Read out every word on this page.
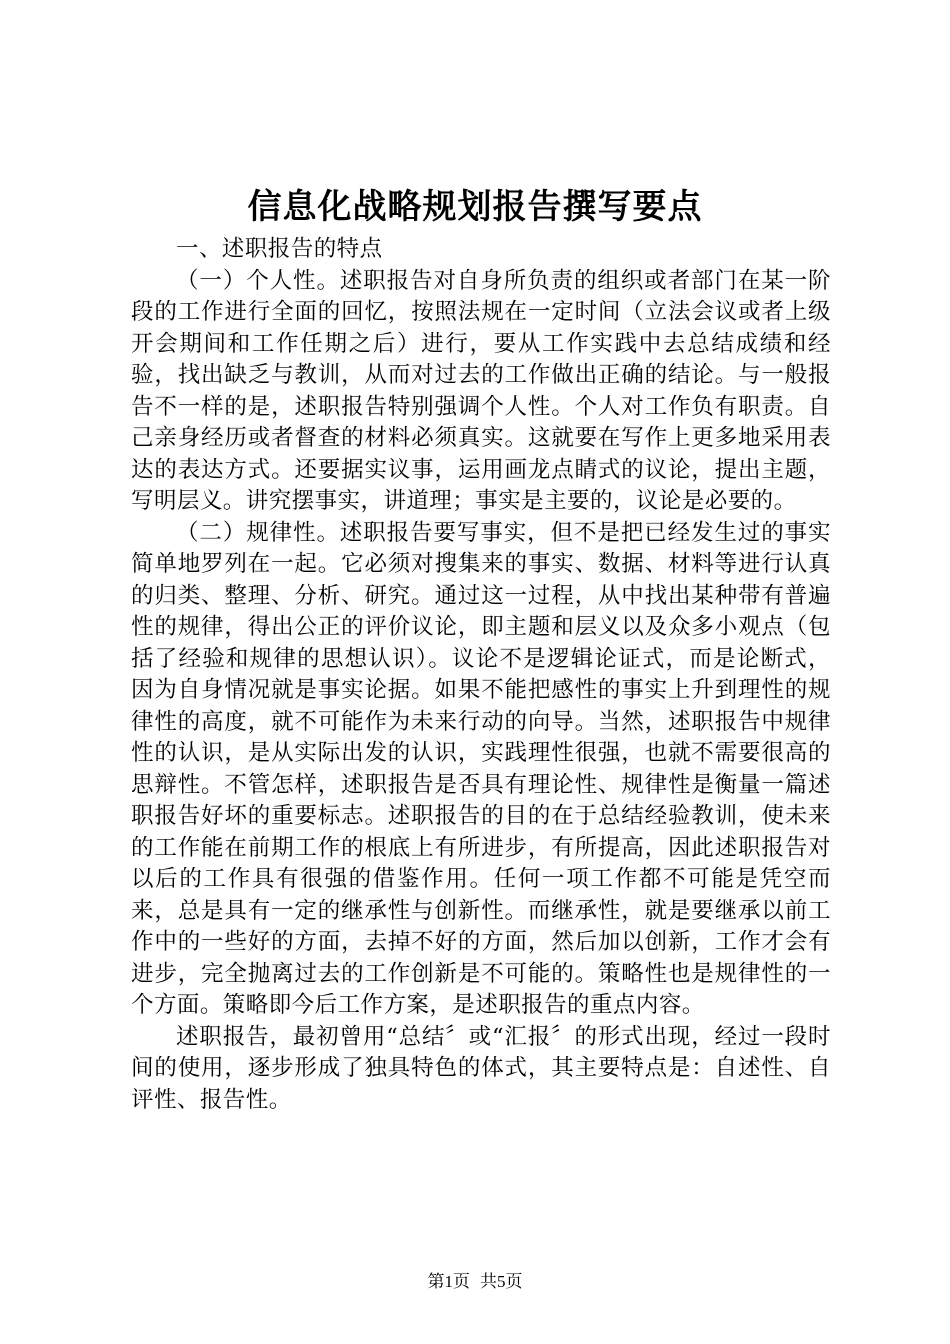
信息化战略规划报告撰写要点

一、述职报告的特点

（一）个人性。述职报告对自身所负责的组织或者部门在某一阶段的工作进行全面的回忆，按照法规在一定时间（立法会议或者上级开会期间和工作任期之后）进行，要从工作实践中去总结成绩和经验，找出缺乏与教训，从而对过去的工作做出正确的结论。与一般报告不一样的是，述职报告特别强调个人性。个人对工作负有职责。自己亲身经历或者督查的材料必须真实。这就要在写作上更多地采用表达的表达方式。还要据实议事，运用画龙点睛式的议论，提出主题，写明层义。讲究摆事实，讲道理；事实是主要的，议论是必要的。

（二）规律性。述职报告要写事实，但不是把已经发生过的事实简单地罗列在一起。它必须对搜集来的事实、数据、材料等进行认真的归类、整理、分析、研究。通过这一过程，从中找出某种带有普遍性的规律，得出公正的评价议论，即主题和层义以及众多小观点（包括了经验和规律的思想认识）。议论不是逻辑论证式，而是论断式，因为自身情况就是事实论据。如果不能把感性的事实上升到理性的规律性的高度，就不可能作为未来行动的向导。当然，述职报告中规律性的认识，是从实际出发的认识，实践理性很强，也就不需要很高的思辩性。不管怎样，述职报告是否具有理论性、规律性是衡量一篇述职报告好坏的重要标志。述职报告的目的在于总结经验教训，使未来的工作能在前期工作的根底上有所进步，有所提高，因此述职报告对以后的工作具有很强的借鉴作用。任何一项工作都不可能是凭空而来，总是具有一定的继承性与创新性。而继承性，就是要继承以前工作中的一些好的方面，去掉不好的方面，然后加以创新，工作才会有进步，完全抛离过去的工作创新是不可能的。策略性也是规律性的一个方面。策略即今后工作方案，是述职报告的重点内容。

述职报告，最初曾用“总结〞或“汇报〞的形式出现，经过一段时间的使用，逐步形成了独具特色的体式，其主要特点是：自述性、自评性、报告性。

第1页 共5页
